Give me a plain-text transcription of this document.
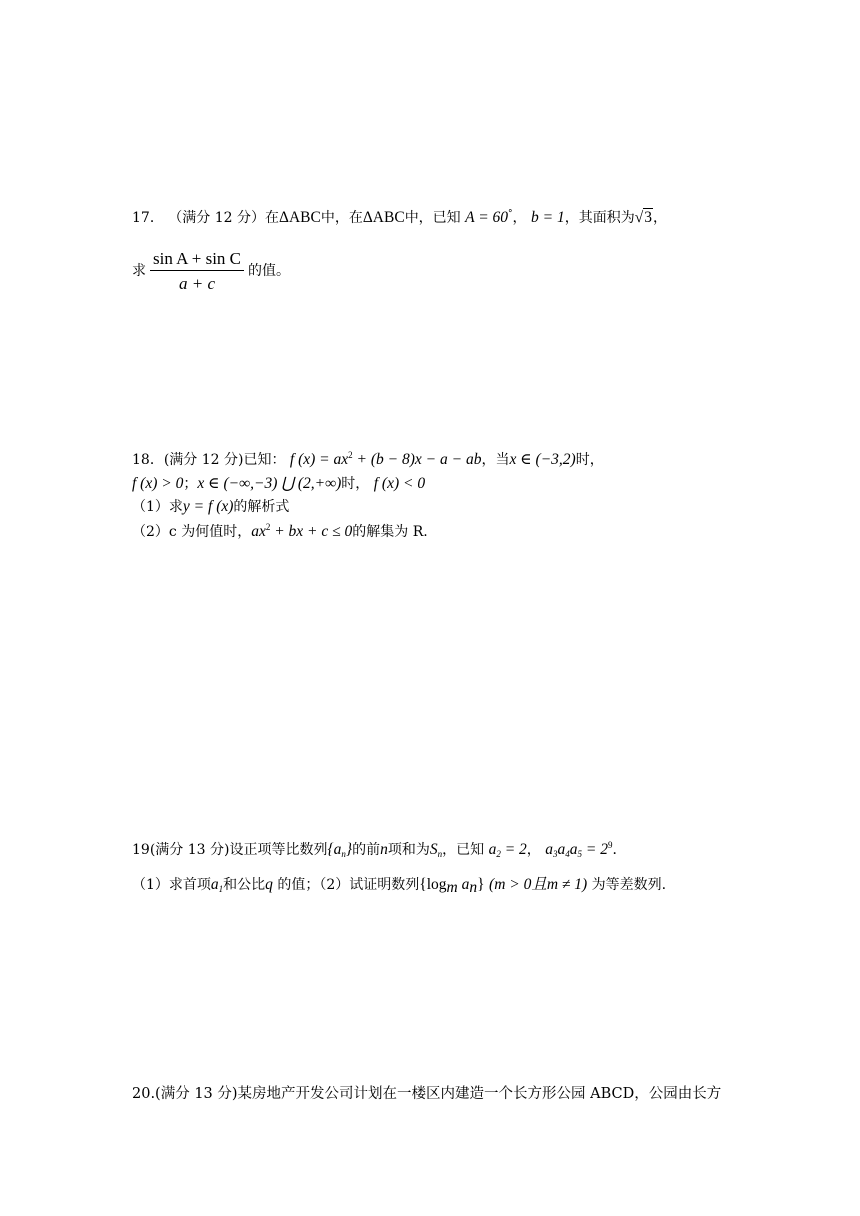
17． （满分 12 分）在ΔABC中，在ΔABC中，已知 A = 60°， b = 1，其面积为√3，
求 $\frac{\text{sin A + sin C}}{a + c}$ 的值。
18．(满分 12 分)已知： f $(x) = ax^2 + (b - 8)x - a$ − ab，当x ∈ (−3,2)时，
f (x) > 0；x ∈ (−∞,−3) ⋃ (2,+∞)时， f (x) < 0
（1）求y = f (x)的解析式
（2）c 为何值时，$ax^2$ + bx + c ≤ 0的解集为 R.
19(满分 13 分)设正项等比数列$\{a_n\}$的前n项和为$S_n$，已知 $a_2 = 2$， $a_3a_4a_5 = 2^9$．
（1）求首项$a_1$和公比q 的值；（2）试证明数列{$\log_m$ $a_n$} (m > 0且m ≠ 1) 为等差数列.
20.(满分 13 分)某房地产开发公司计划在一楼区内建造一个长方形公园 ABCD，公园由长方
